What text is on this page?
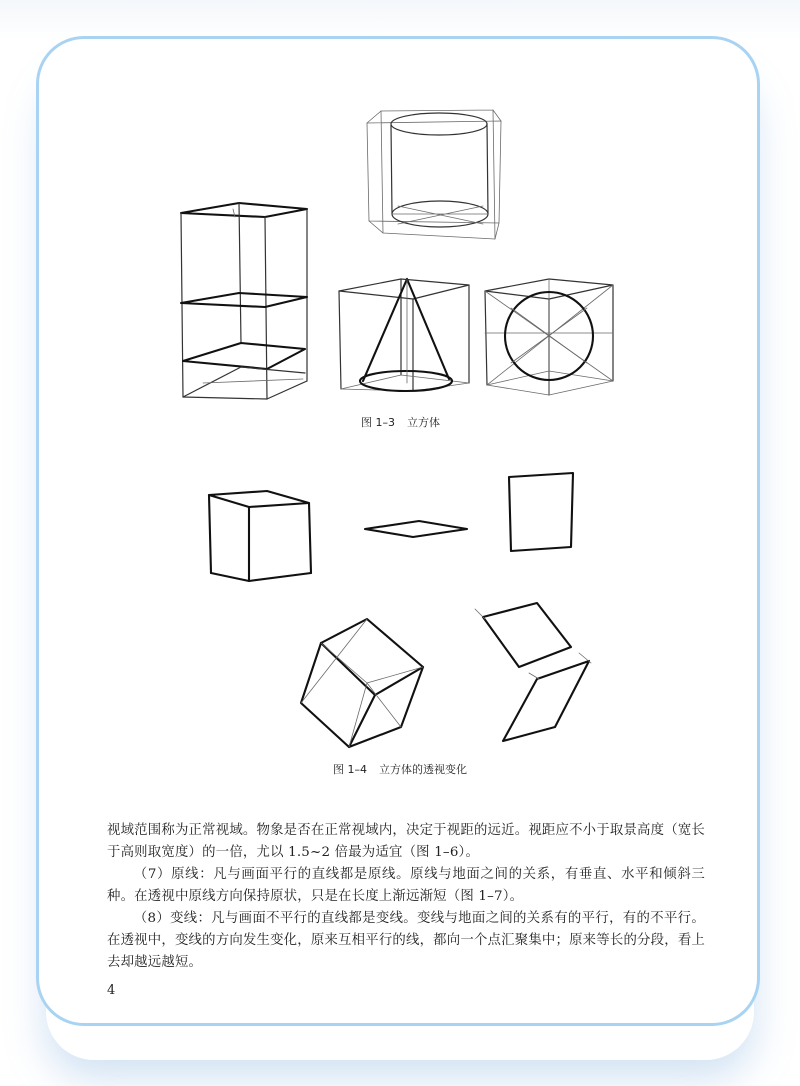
图 1–3 立方体
图 1–4 立方体的透视变化

视域范围称为正常视域。物象是否在正常视域内，决定于视距的远近。视距应不小于取景高度（宽长于高则取宽度）的一倍，尤以 1.5~2 倍最为适宜（图 1–6）。

（7）原线：凡与画面平行的直线都是原线。原线与地面之间的关系，有垂直、水平和倾斜三种。在透视中原线方向保持原状，只是在长度上渐远渐短（图 1–7）。

（8）变线：凡与画面不平行的直线都是变线。变线与地面之间的关系有的平行，有的不平行。在透视中，变线的方向发生变化，原来互相平行的线，都向一个点汇聚集中；原来等长的分段，看上去却越远越短。

4
